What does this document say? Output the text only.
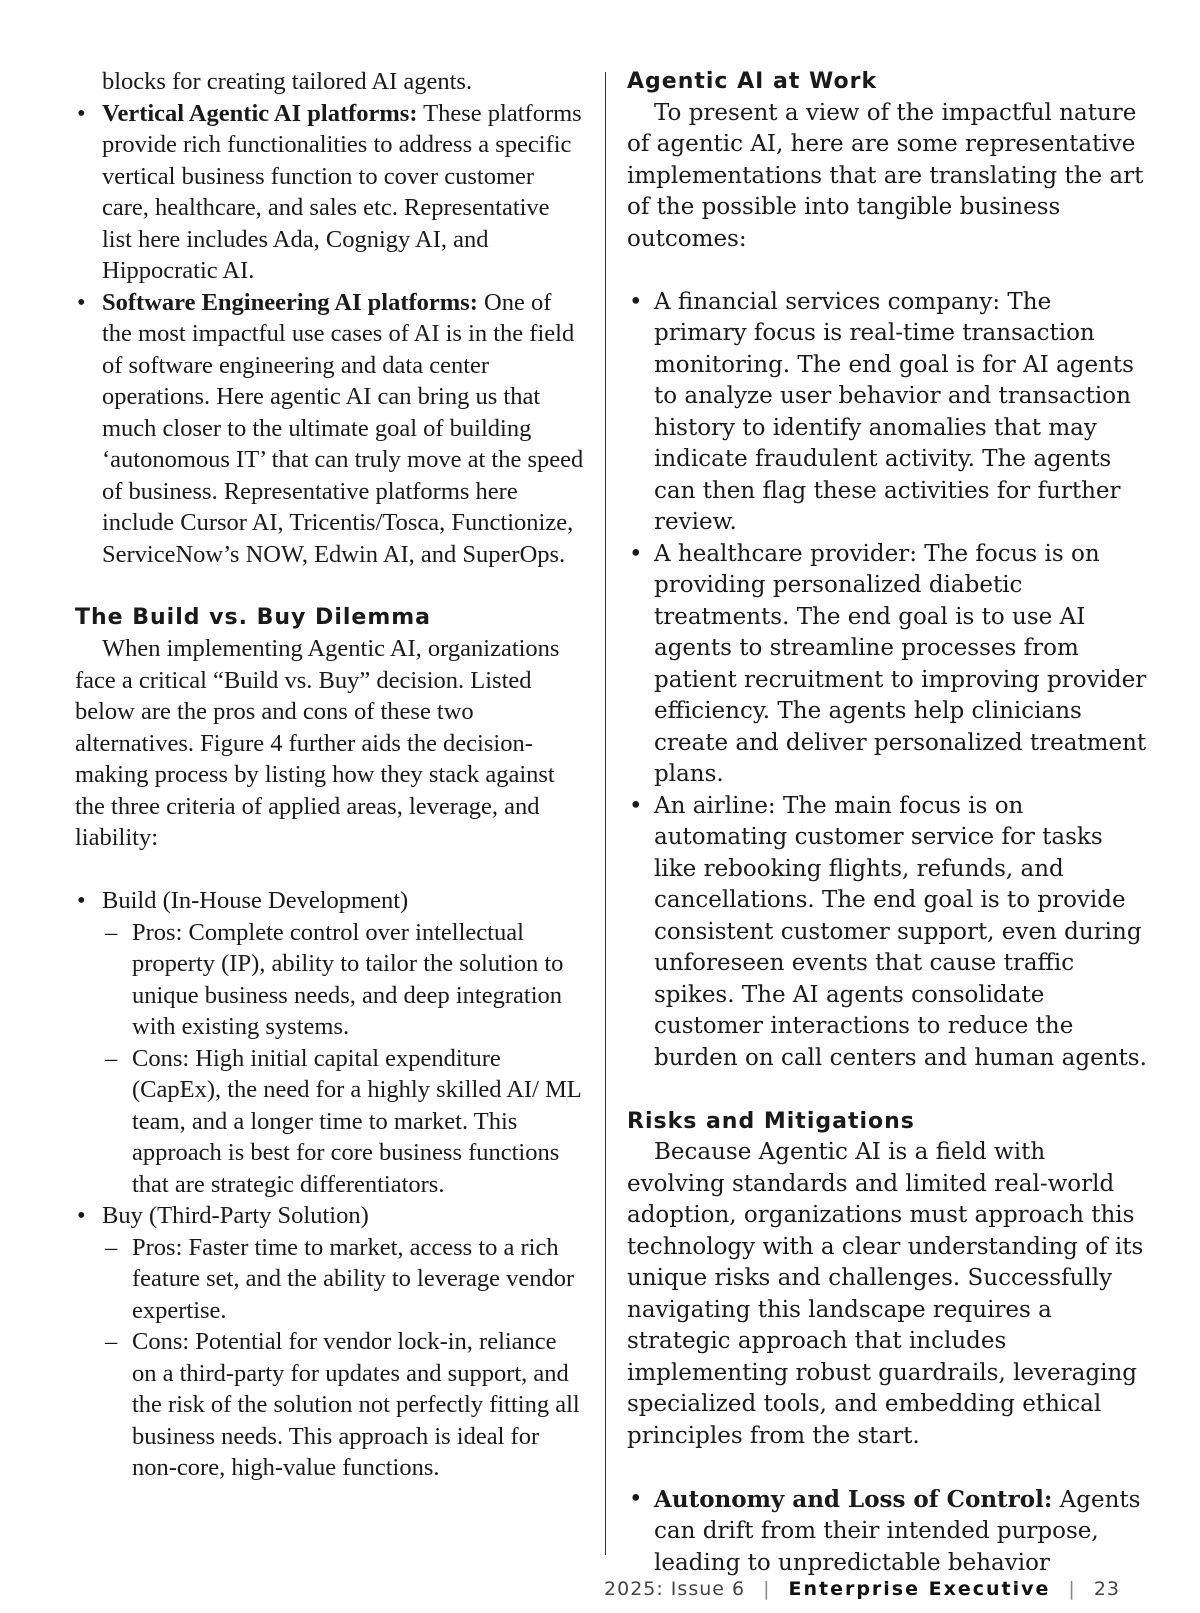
blocks for creating tailored AI agents.

• Vertical Agentic AI platforms: These platforms provide rich functionalities to address a specific vertical business function to cover customer care, healthcare, and sales etc. Representative list here includes Ada, Cognigy AI, and Hippocratic AI.
• Software Engineering AI platforms: One of the most impactful use cases of AI is in the field of software engineering and data center operations. Here agentic AI can bring us that much closer to the ultimate goal of building ‘autonomous IT’ that can truly move at the speed of business. Representative platforms here include Cursor AI, Tricentis/Tosca, Functionize, ServiceNow’s NOW, Edwin AI, and SuperOps.
The Build vs. Buy Dilemma

When implementing Agentic AI, organizations face a critical “Build vs. Buy” decision. Listed below are the pros and cons of these two alternatives. Figure 4 further aids the decision-making process by listing how they stack against the three criteria of applied areas, leverage, and liability:

• Build (In-House Development)
– Pros: Complete control over intellectual property (IP), ability to tailor the solution to unique business needs, and deep integration with existing systems.
– Cons: High initial capital expenditure (CapEx), the need for a highly skilled AI/ ML team, and a longer time to market. This approach is best for core business functions that are strategic differentiators.
• Buy (Third-Party Solution)
– Pros: Faster time to market, access to a rich feature set, and the ability to leverage vendor expertise.
– Cons: Potential for vendor lock-in, reliance on a third-party for updates and support, and the risk of the solution not perfectly fitting all business needs. This approach is ideal for non-core, high-value functions.
Agentic AI at Work

To present a view of the impactful nature of agentic AI, here are some representative implementations that are translating the art of the possible into tangible business outcomes:

• A financial services company: The primary focus is real-time transaction monitoring. The end goal is for AI agents to analyze user behavior and transaction history to identify anomalies that may indicate fraudulent activity. The agents can then flag these activities for further review.
• A healthcare provider: The focus is on providing personalized diabetic treatments. The end goal is to use AI agents to streamline processes from patient recruitment to improving provider efficiency. The agents help clinicians create and deliver personalized treatment plans.
• An airline: The main focus is on automating customer service for tasks like rebooking flights, refunds, and cancellations. The end goal is to provide consistent customer support, even during unforeseen events that cause traffic spikes. The AI agents consolidate customer interactions to reduce the burden on call centers and human agents.
Risks and Mitigations

Because Agentic AI is a field with evolving standards and limited real-world adoption, organizations must approach this technology with a clear understanding of its unique risks and challenges. Successfully navigating this landscape requires a strategic approach that includes implementing robust guardrails, leveraging specialized tools, and embedding ethical principles from the start.

• Autonomy and Loss of Control: Agents can drift from their intended purpose, leading to unpredictable behavior
2025: Issue 6 | Enterprise Executive | 23
